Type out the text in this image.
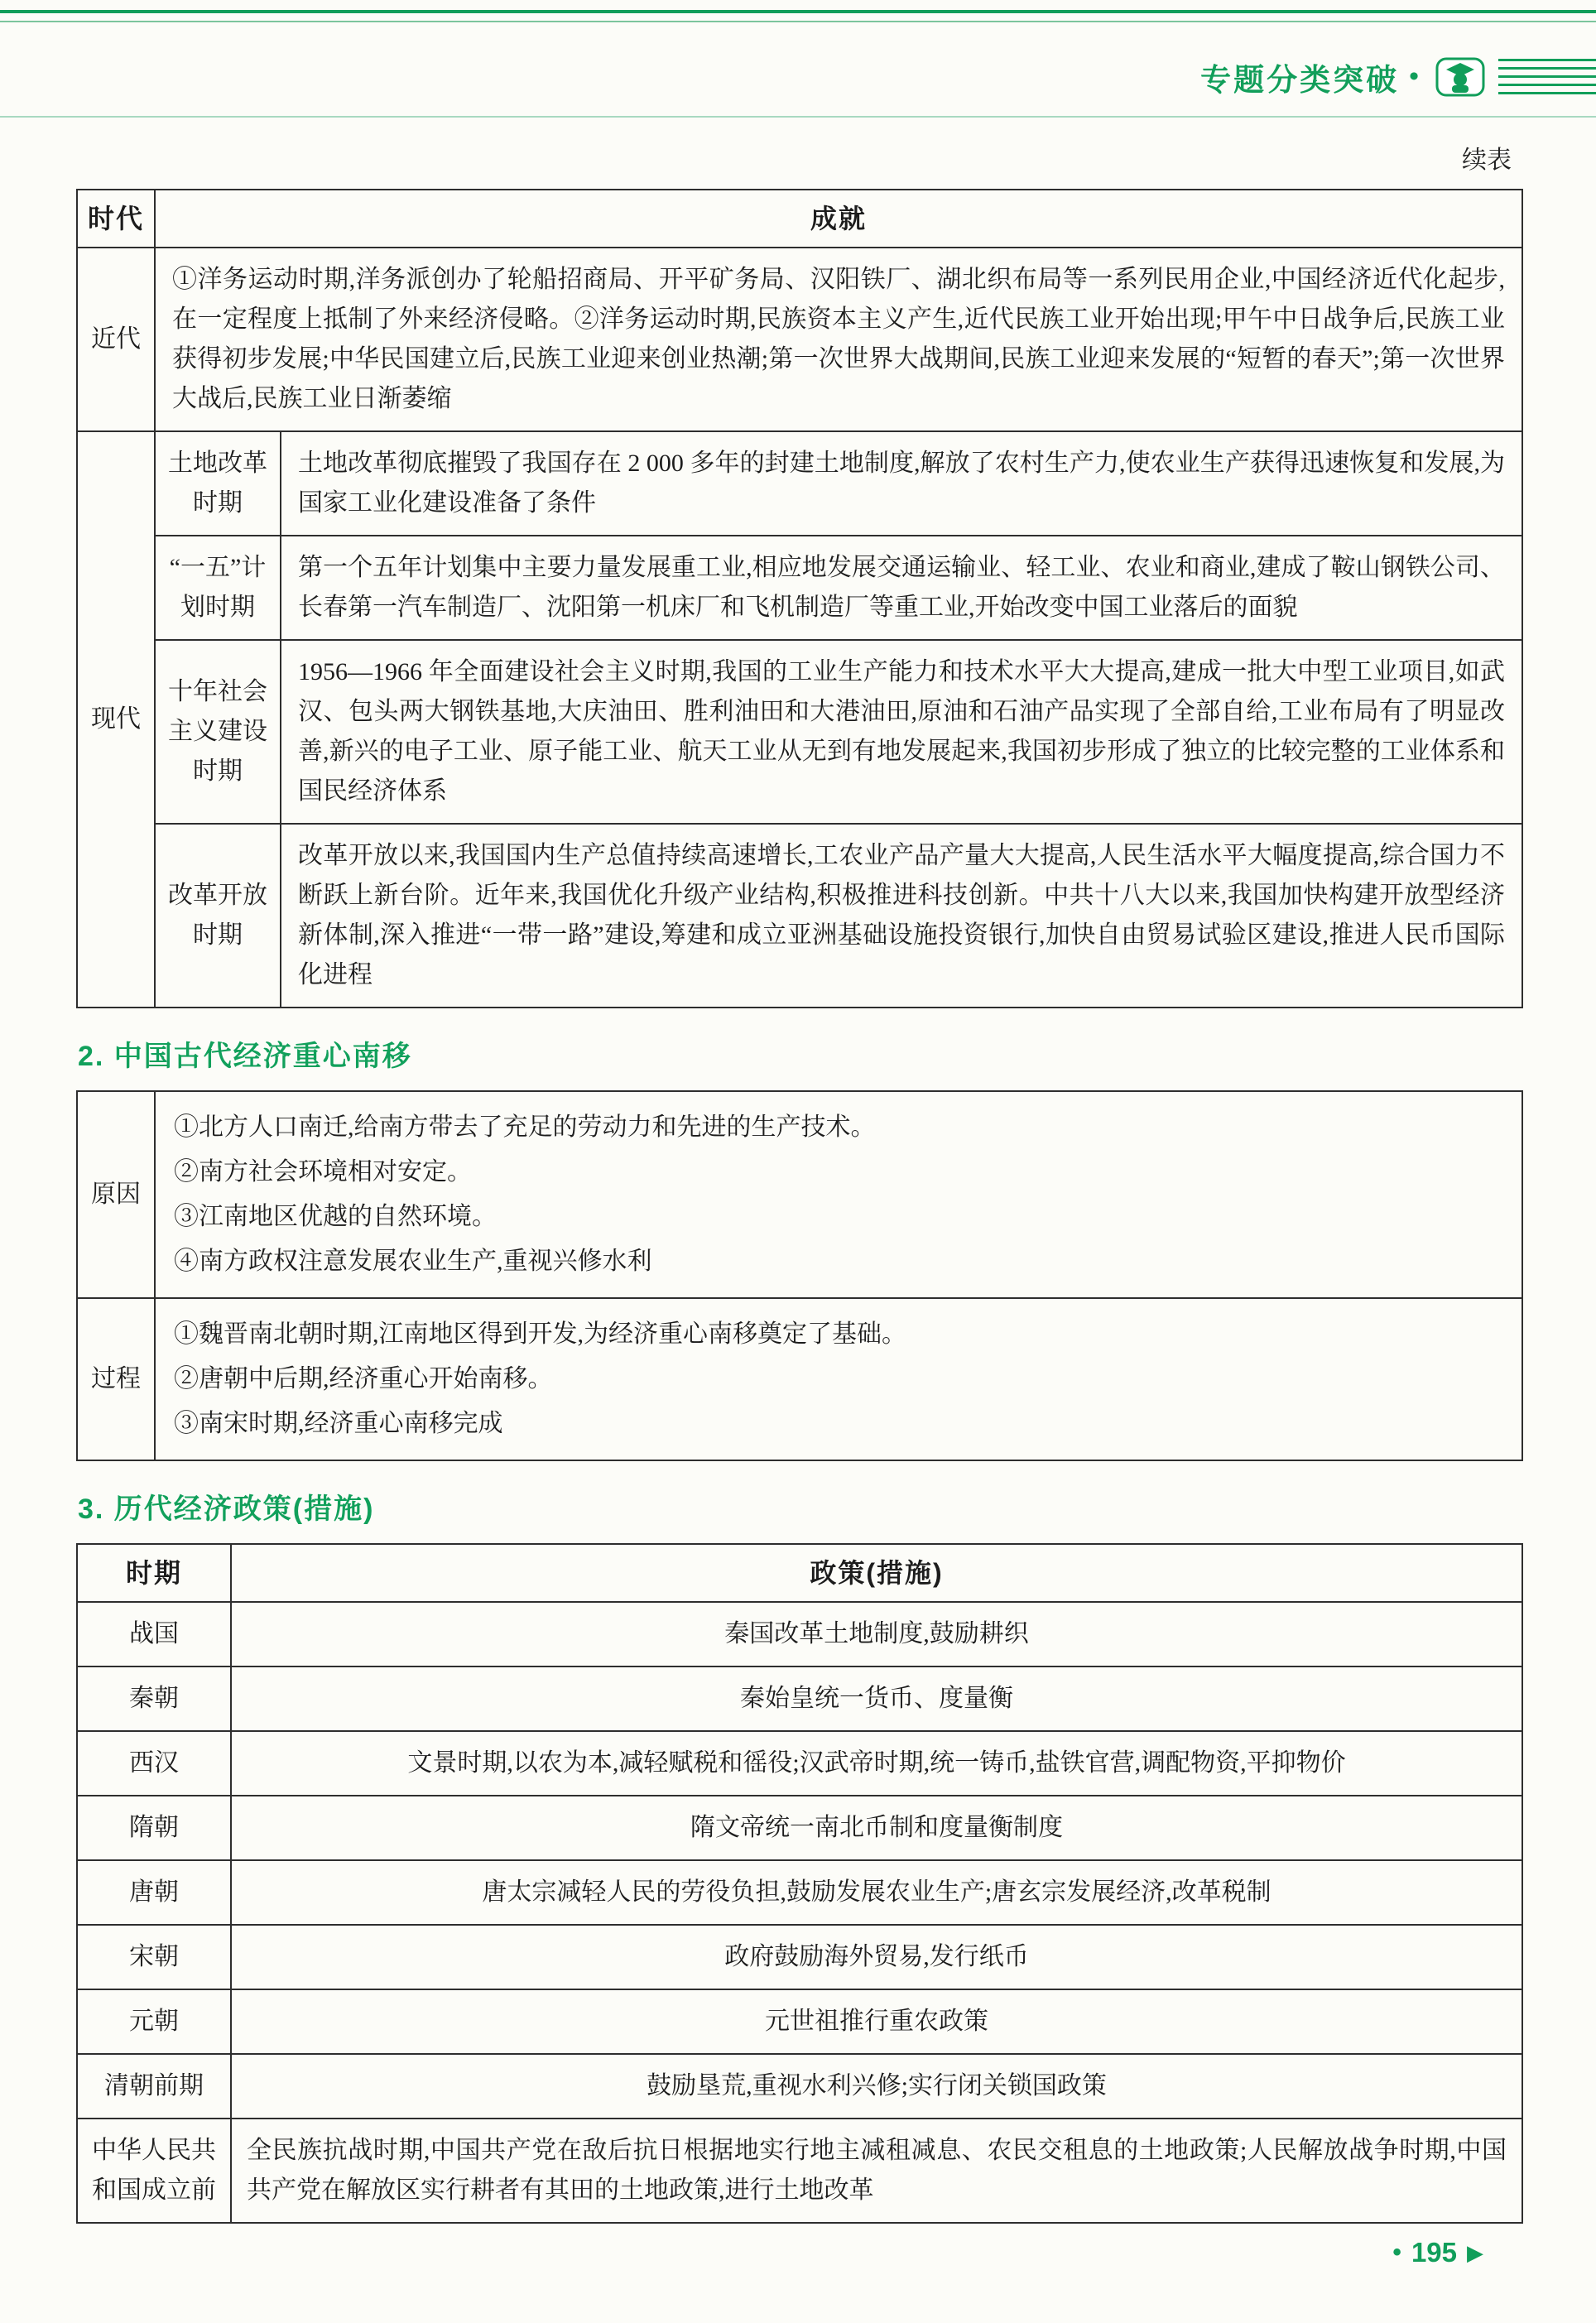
专题分类突破 •
续表
时代	成就	
近代	①洋务运动时期,洋务派创办了轮船招商局、开平矿务局、汉阳铁厂、湖北织布局等一系列民用企业,中国经济近代化起步,在一定程度上抵制了外来经济侵略。②洋务运动时期,民族资本主义产生,近代民族工业开始出现;甲午中日战争后,民族工业获得初步发展;中华民国建立后,民族工业迎来创业热潮;第一次世界大战期间,民族工业迎来发展的“短暂的春天”;第一次世界大战后,民族工业日渐萎缩	
现代	土地改革时期	土地改革彻底摧毁了我国存在 2 000 多年的封建土地制度,解放了农村生产力,使农业生产获得迅速恢复和发展,为国家工业化建设准备了条件
	“一五”计划时期	第一个五年计划集中主要力量发展重工业,相应地发展交通运输业、轻工业、农业和商业,建成了鞍山钢铁公司、长春第一汽车制造厂、沈阳第一机床厂和飞机制造厂等重工业,开始改变中国工业落后的面貌
	十年社会主义建设时期	1956—1966 年全面建设社会主义时期,我国的工业生产能力和技术水平大大提高,建成一批大中型工业项目,如武汉、包头两大钢铁基地,大庆油田、胜利油田和大港油田,原油和石油产品实现了全部自给,工业布局有了明显改善,新兴的电子工业、原子能工业、航天工业从无到有地发展起来,我国初步形成了独立的比较完整的工业体系和国民经济体系
	改革开放时期	改革开放以来,我国国内生产总值持续高速增长,工农业产品产量大大提高,人民生活水平大幅度提高,综合国力不断跃上新台阶。近年来,我国优化升级产业结构,积极推进科技创新。中共十八大以来,我国加快构建开放型经济新体制,深入推进“一带一路”建设,筹建和成立亚洲基础设施投资银行,加快自由贸易试验区建设,推进人民币国际化进程
2. 中国古代经济重心南移
原因	①北方人口南迁,给南方带去了充足的劳动力和先进的生产技术。
②南方社会环境相对安定。
③江南地区优越的自然环境。
④南方政权注意发展农业生产,重视兴修水利

过程	①魏晋南北朝时期,江南地区得到开发,为经济重心南移奠定了基础。
②唐朝中后期,经济重心开始南移。
③南宋时期,经济重心南移完成
3. 历代经济政策(措施)
时期	政策(措施)
战国	秦国改革土地制度,鼓励耕织
秦朝	秦始皇统一货币、度量衡
西汉	文景时期,以农为本,减轻赋税和徭役;汉武帝时期,统一铸币,盐铁官营,调配物资,平抑物价
隋朝	隋文帝统一南北币制和度量衡制度
唐朝	唐太宗减轻人民的劳役负担,鼓励发展农业生产;唐玄宗发展经济,改革税制
宋朝	政府鼓励海外贸易,发行纸币
元朝	元世祖推行重农政策
清朝前期	鼓励垦荒,重视水利兴修;实行闭关锁国政策
中华人民共和国成立前	全民族抗战时期,中国共产党在敌后抗日根据地实行地主减租减息、农民交租息的土地政策;人民解放战争时期,中国共产党在解放区实行耕者有其田的土地政策,进行土地改革
• 195 ▶
